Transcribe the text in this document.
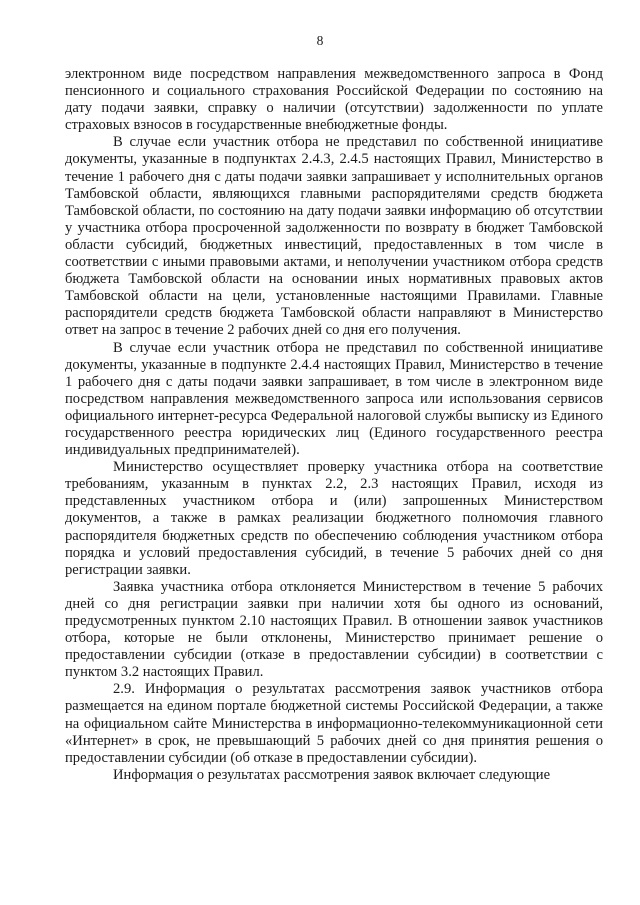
8

электронном виде посредством направления межведомственного запроса в Фонд пенсионного и социального страхования Российской Федерации по состоянию на дату подачи заявки, справку о наличии (отсутствии) задолженности по уплате страховых взносов в государственные внебюджетные фонды.

В случае если участник отбора не представил по собственной инициативе документы, указанные в подпунктах 2.4.3, 2.4.5 настоящих Правил, Министерство в течение 1 рабочего дня с даты подачи заявки запрашивает у исполнительных органов Тамбовской области, являющихся главными распорядителями средств бюджета Тамбовской области, по состоянию на дату подачи заявки информацию об отсутствии у участника отбора просроченной задолженности по возврату в бюджет Тамбовской области субсидий, бюджетных инвестиций, предоставленных в том числе в соответствии с иными правовыми актами, и неполучении участником отбора средств бюджета Тамбовской области на основании иных нормативных правовых актов Тамбовской области на цели, установленные настоящими Правилами. Главные распорядители средств бюджета Тамбовской области направляют в Министерство ответ на запрос в течение 2 рабочих дней со дня его получения.

В случае если участник отбора не представил по собственной инициативе документы, указанные в подпункте 2.4.4 настоящих Правил, Министерство в течение 1 рабочего дня с даты подачи заявки запрашивает, в том числе в электронном виде посредством направления межведомственного запроса или использования сервисов официального интернет-ресурса Федеральной налоговой службы выписку из Единого государственного реестра юридических лиц (Единого государственного реестра индивидуальных предпринимателей).

Министерство осуществляет проверку участника отбора на соответствие требованиям, указанным в пунктах 2.2, 2.3 настоящих Правил, исходя из представленных участником отбора и (или) запрошенных Министерством документов, а также в рамках реализации бюджетного полномочия главного распорядителя бюджетных средств по обеспечению соблюдения участником отбора порядка и условий предоставления субсидий, в течение 5 рабочих дней со дня регистрации заявки.

Заявка участника отбора отклоняется Министерством в течение 5 рабочих дней со дня регистрации заявки при наличии хотя бы одного из оснований, предусмотренных пунктом 2.10 настоящих Правил. В отношении заявок участников отбора, которые не были отклонены, Министерство принимает решение о предоставлении субсидии (отказе в предоставлении субсидии) в соответствии с пунктом 3.2 настоящих Правил.

2.9. Информация о результатах рассмотрения заявок участников отбора размещается на едином портале бюджетной системы Российской Федерации, а также на официальном сайте Министерства в информационно-телекоммуникационной сети «Интернет» в срок, не превышающий 5 рабочих дней со дня принятия решения о предоставлении субсидии (об отказе в предоставлении субсидии).

Информация о результатах рассмотрения заявок включает следующие
